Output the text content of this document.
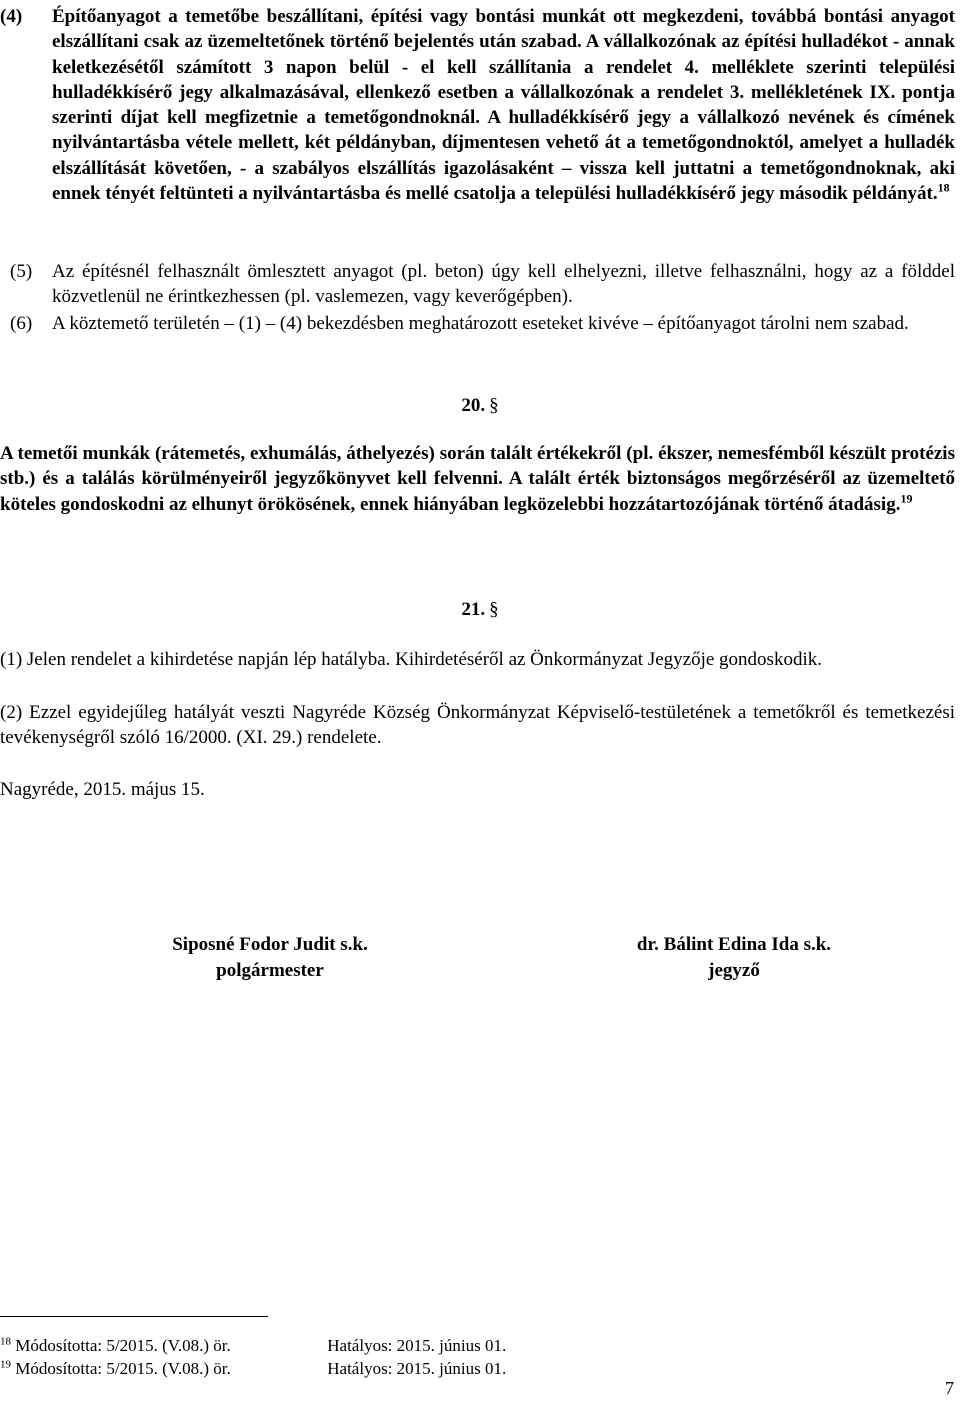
(4) Építőanyagot a temetőbe beszállítani, építési vagy bontási munkát ott megkezdeni, továbbá bontási anyagot elszállítani csak az üzemeltetőnek történő bejelentés után szabad. A vállalkozónak az építési hulladékot - annak keletkezésétől számított 3 napon belül - el kell szállítania a rendelet 4. melléklete szerinti települési hulladékkísérő jegy alkalmazásával, ellenkező esetben a vállalkozónak a rendelet 3. mellékletének IX. pontja szerinti díjat kell megfizetnie a temetőgondnoknál. A hulladékkísérő jegy a vállalkozó nevének és címének nyilvántartásba vétele mellett, két példányban, díjmentesen vehető át a temetőgondnoktól, amelyet a hulladék elszállítását követően, - a szabályos elszállítás igazolásaként – vissza kell juttatni a temetőgondnoknak, aki ennek tényét feltünteti a nyilvántartásba és mellé csatolja a települési hulladékkísérő jegy második példányát.$^{18}$
(5) Az építésnél felhasznált ömlesztett anyagot (pl. beton) úgy kell elhelyezni, illetve felhasználni, hogy az a földdel közvetlenül ne érintkezhessen (pl. vaslemezen, vagy keverőgépben).
(6) A köztemető területén – (1) – (4) bekezdésben meghatározott eseteket kivéve – építőanyagot tárolni nem szabad.
20. §
A temetői munkák (rátemetés, exhumálás, áthelyezés) során talált értékekről (pl. ékszer, nemesfémből készült protézis stb.) és a találás körülményeiről jegyzőkönyvet kell felvenni. A talált érték biztonságos megőrzéséről az üzemeltető köteles gondoskodni az elhunyt örökösének, ennek hiányában legközelebbi hozzátartozójának történő átadásig.$^{19}$
21. §
(1) Jelen rendelet a kihirdetése napján lép hatályba. Kihirdetéséről az Önkormányzat Jegyzője gondoskodik.
(2) Ezzel egyidejűleg hatályát veszti Nagyréde Község Önkormányzat Képviselő-testületének a temetőkről és temetkezési tevékenységről szóló 16/2000. (XI. 29.) rendelete.
Nagyréde, 2015. május 15.
Siposné Fodor Judit s.k.
polgármester
dr. Bálint Edina Ida s.k.
jegyző
$^{18}$ Módosította: 5/2015. (V.08.) ör.	Hatályos: 2015. június 01.
$^{19}$ Módosította: 5/2015. (V.08.) ör.	Hatályos: 2015. június 01.
7
